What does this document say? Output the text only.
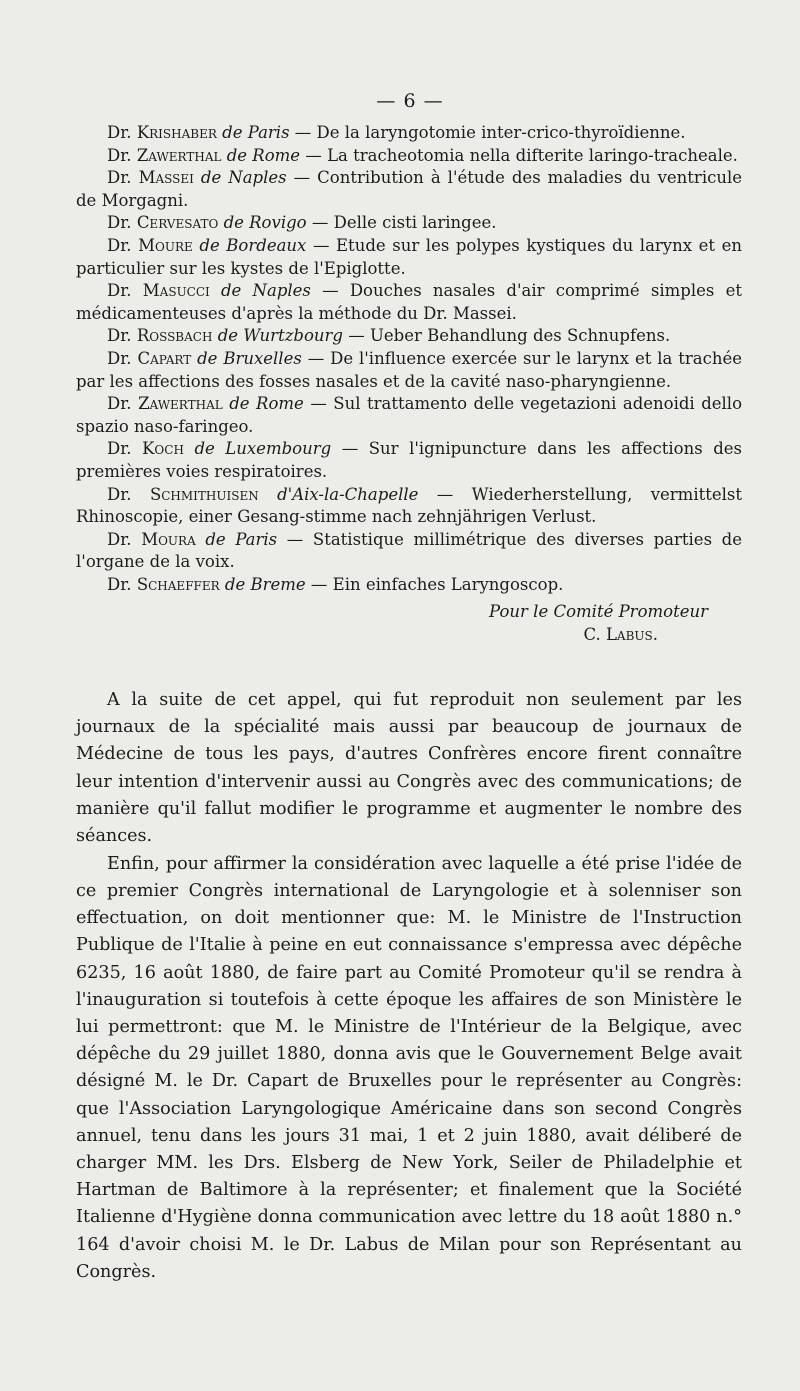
— 6 —

Dr. Krishaber de Paris — De la laryngotomie inter-crico-thyroïdienne.

Dr. Zawerthal de Rome — La tracheotomia nella difterite laringo-tracheale.

Dr. Massei de Naples — Contribution à l'étude des maladies du ventricule de Morgagni.

Dr. Cervesato de Rovigo — Delle cisti laringee.

Dr. Moure de Bordeaux — Etude sur les polypes kystiques du larynx et en particulier sur les kystes de l'Epiglotte.

Dr. Masucci de Naples — Douches nasales d'air comprimé simples et médicamenteuses d'après la méthode du Dr. Massei.

Dr. Rossbach de Wurtzbourg — Ueber Behandlung des Schnupfens.

Dr. Capart de Bruxelles — De l'influence exercée sur le larynx et la trachée par les affections des fosses nasales et de la cavité naso-pharyngienne.

Dr. Zawerthal de Rome — Sul trattamento delle vegetazioni adenoidi dello spazio naso-faringeo.

Dr. Koch de Luxembourg — Sur l'ignipuncture dans les affections des premières voies respiratoires.

Dr. Schmithuisen d'Aix-la-Chapelle — Wiederherstellung, vermittelst Rhinoscopie, einer Gesang-stimme nach zehnjährigen Verlust.

Dr. Moura de Paris — Statistique millimétrique des diverses parties de l'organe de la voix.

Dr. Schaeffer de Breme — Ein einfaches Laryngoscop.

Pour le Comité Promoteur
C. Labus.

A la suite de cet appel, qui fut reproduit non seulement par les journaux de la spécialité mais aussi par beaucoup de journaux de Médecine de tous les pays, d'autres Confrères encore firent connaître leur intention d'intervenir aussi au Congrès avec des communications; de manière qu'il fallut modifier le programme et augmenter le nombre des séances.

Enfin, pour affirmer la considération avec laquelle a été prise l'idée de ce premier Congrès international de Laryngologie et à solenniser son effectuation, on doit mentionner que: M. le Ministre de l'Instruction Publique de l'Italie à peine en eut connaissance s'empressa avec dépêche 6235, 16 août 1880, de faire part au Comité Promoteur qu'il se rendra à l'inauguration si toutefois à cette époque les affaires de son Ministère le lui permettront: que M. le Ministre de l'Intérieur de la Belgique, avec dépêche du 29 juillet 1880, donna avis que le Gouvernement Belge avait désigné M. le Dr. Capart de Bruxelles pour le représenter au Congrès: que l'Association Laryngologique Américaine dans son second Congrès annuel, tenu dans les jours 31 mai, 1 et 2 juin 1880, avait déliberé de charger MM. les Drs. Elsberg de New York, Seiler de Philadelphie et Hartman de Baltimore à la représenter; et finalement que la Société Italienne d'Hygiène donna communication avec lettre du 18 août 1880 n.° 164 d'avoir choisi M. le Dr. Labus de Milan pour son Représentant au Congrès.
